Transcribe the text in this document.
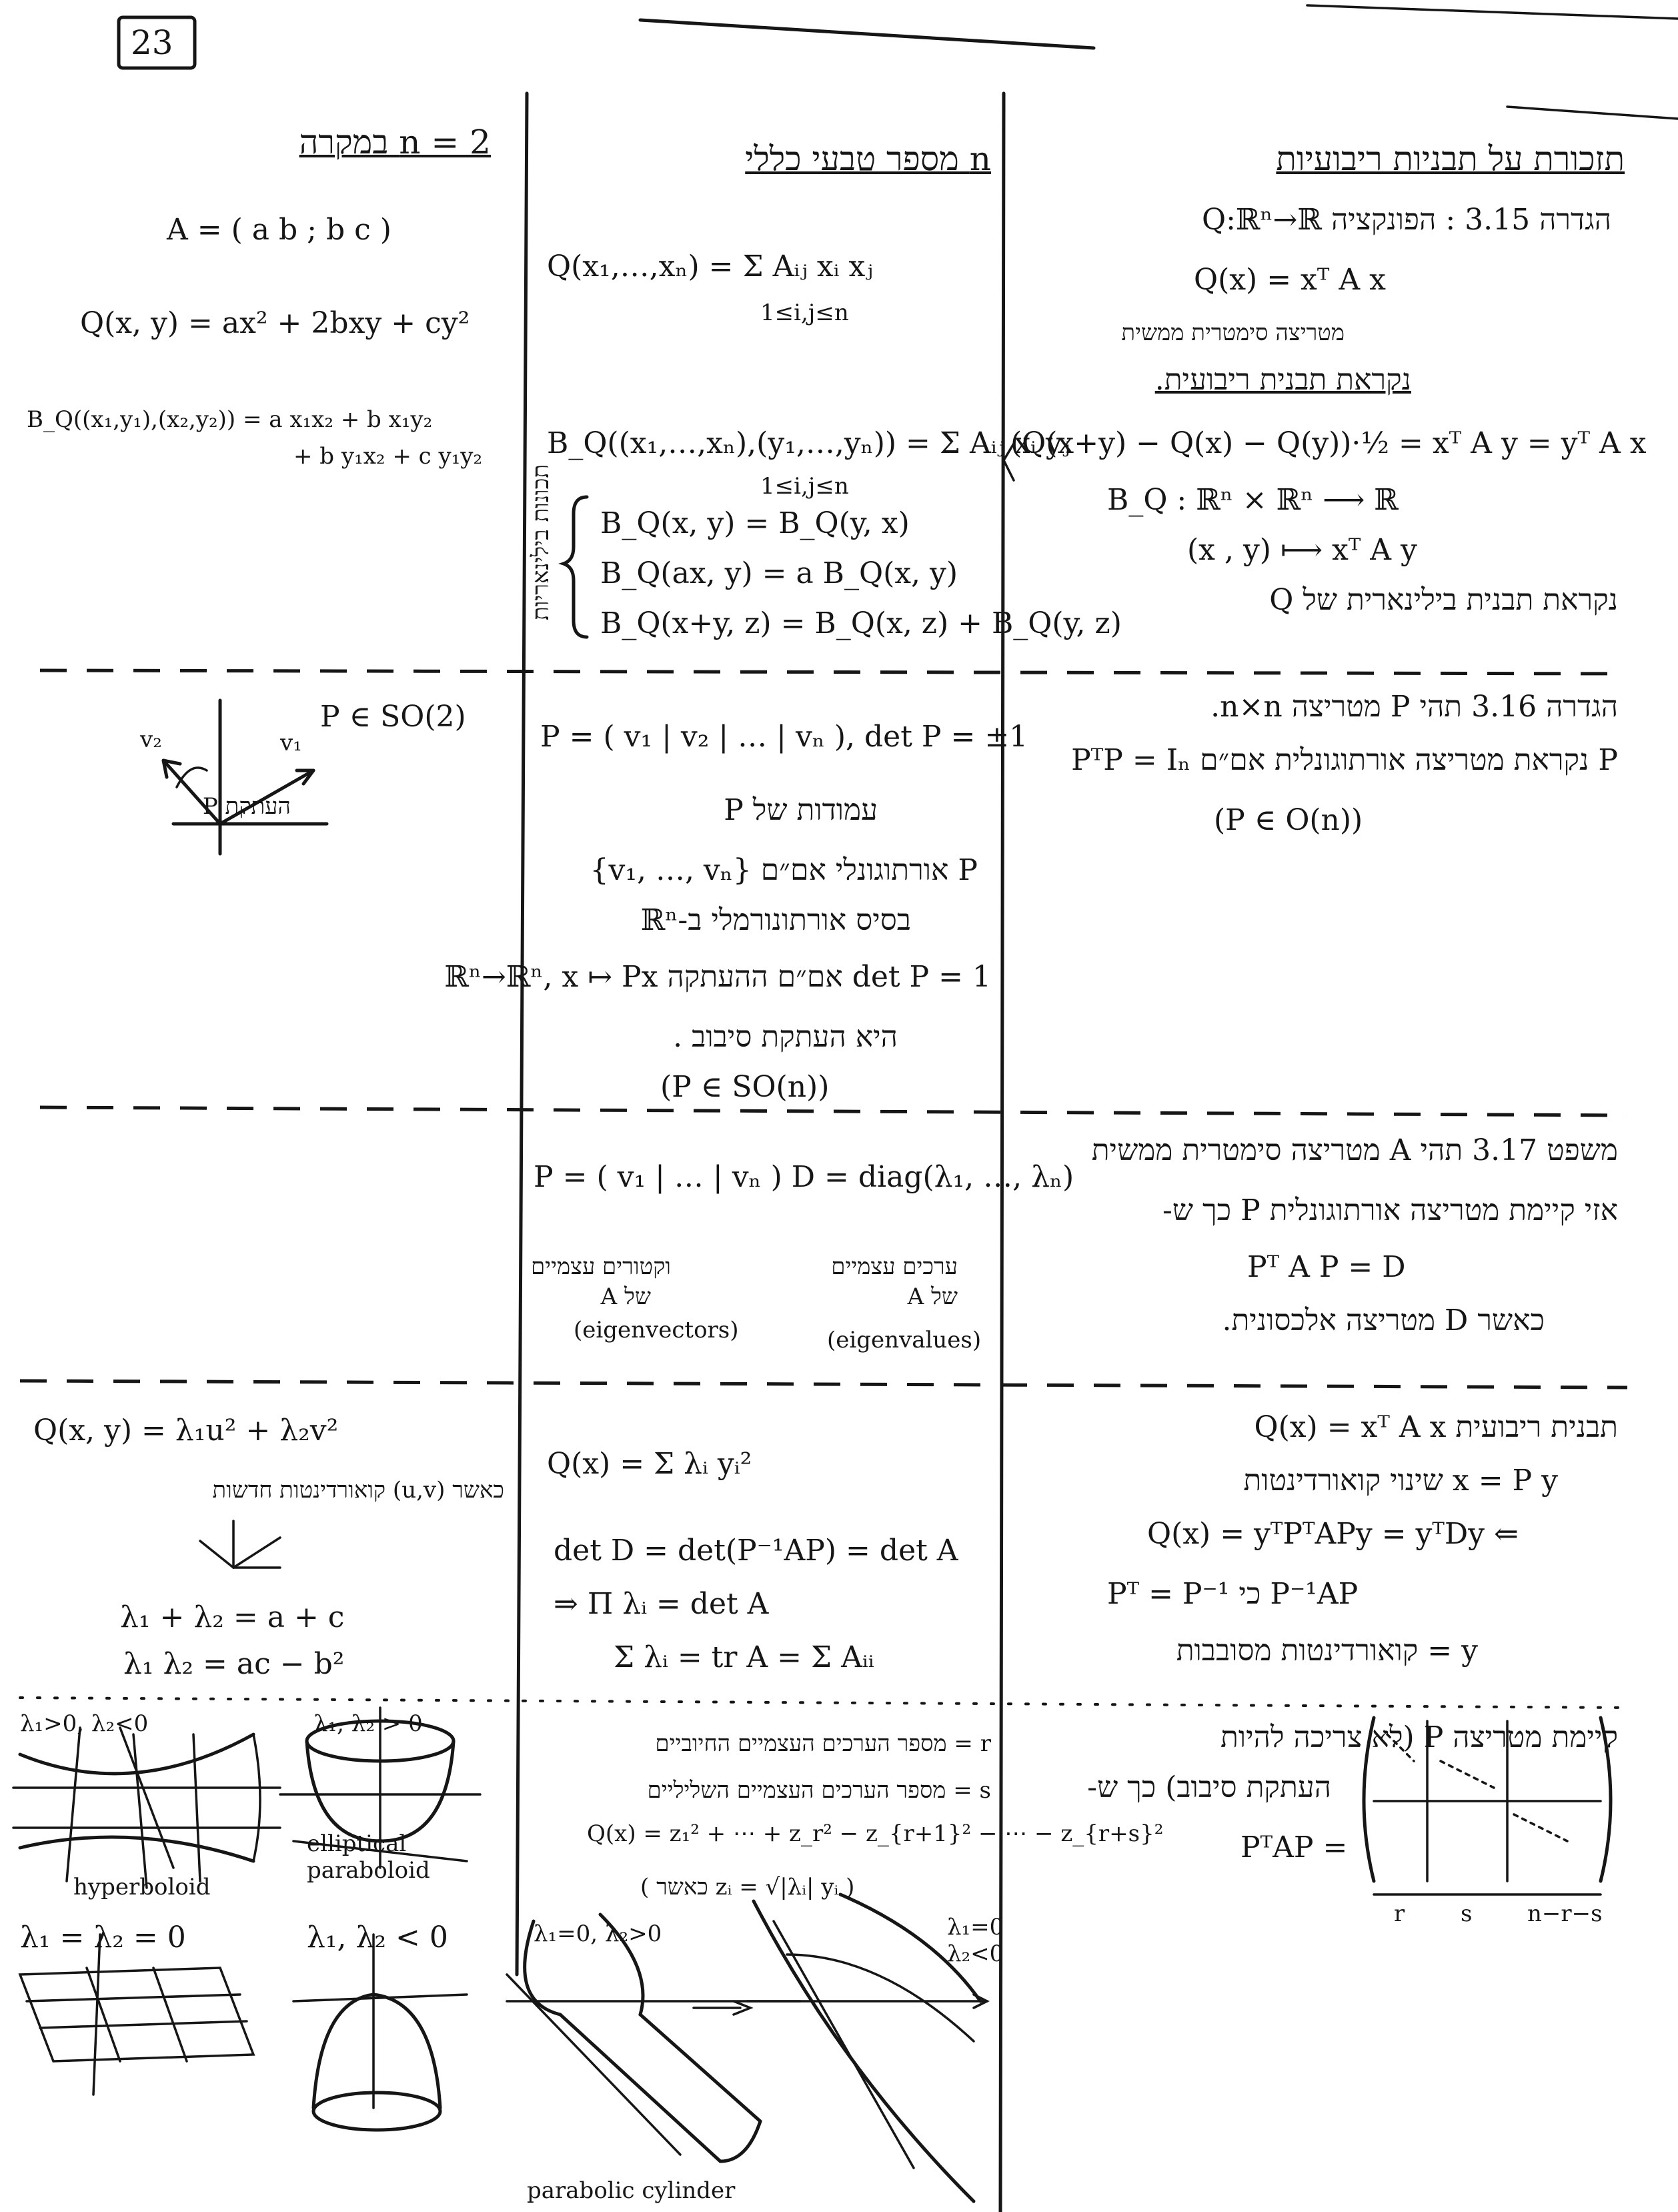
23
תזכורת על תבניות ריבועיות
הגדרה 3.15 : הפונקציה Q:ℝⁿ→ℝ
Q(x) = xᵀ A x
מטריצה סימטרית ממשית
נקראת תבנית ריבועית.
(Q(x+y) − Q(x) − Q(y))·½ = xᵀ A y = yᵀ A x
B_Q : ℝⁿ × ℝⁿ ⟶ ℝ
(x , y) ⟼ xᵀ A y
נקראת תבנית בילינארית של Q
הגדרה 3.16 תהי P מטריצה n×n.
P נקראת מטריצה אורתוגונלית אם״ם PᵀP = Iₙ
(P ∈ O(n))
משפט 3.17 תהי A מטריצה סימטרית ממשית
אזי קיימת מטריצה אורתוגונלית P כך ש-
Pᵀ A P = D
כאשר D מטריצה אלכסונית.
תבנית ריבועית Q(x) = xᵀ A x
x = P y שינוי קואורדינטות
Q(x) = yᵀPᵀAPy = yᵀDy ⇐
Pᵀ = P⁻¹ כי P⁻¹AP
y = קואורדינטות מסובבות
קיימת מטריצה P (לא צריכה להיות
העתקת סיבוב) כך ש-
PᵀAP =
r s n−r−s
n מספר טבעי כללי
Q(x₁,…,xₙ) = Σ Aᵢⱼ xᵢ xⱼ
1≤i,j≤n
B_Q((x₁,…,xₙ),(y₁,…,yₙ)) = Σ Aᵢⱼ xᵢ yⱼ
1≤i,j≤n
תכונות בילינאריות B_Q(x, y) = B_Q(y, x)
B_Q(ax, y) = a B_Q(x, y)
B_Q(x+y, z) = B_Q(x, z) + B_Q(y, z)
P = ( v₁ | v₂ | … | vₙ ), det P = ±1
עמודות של P
P אורתוגונלי אם״ם {v₁, …, vₙ}
בסיס אורתונורמלי ב-ℝⁿ
det P = 1 אם״ם ההעתקה ℝⁿ→ℝⁿ, x ↦ Px
היא העתקת סיבוב .
(P ∈ SO(n))
P = ( v₁ | … | vₙ ) D = diag(λ₁, …, λₙ)
וקטורים עצמיים
של A
(eigenvectors)
ערכים עצמיים
של A
(eigenvalues)
Q(x) = Σ λᵢ yᵢ²
det D = det(P⁻¹AP) = det A
⇒ Π λᵢ = det A
Σ λᵢ = tr A = Σ Aᵢᵢ
r = מספר הערכים העצמיים החיוביים
s = מספר הערכים העצמיים השליליים
Q(x) = z₁² + ⋯ + z_r² − z_{r+1}² − ⋯ − z_{r+s}²
( כאשר zᵢ = √|λᵢ| yᵢ )
n = 2 במקרה
A = ( a b ; b c )
Q(x, y) = ax² + 2bxy + cy²
B_Q((x₁,y₁),(x₂,y₂)) = a x₁x₂ + b x₁y₂
+ b y₁x₂ + c y₁y₂
P ∈ SO(2)
v₁
v₂
העתקת P
Q(x, y) = λ₁u² + λ₂v²
כאשר (u,v) קואורדינטות חדשות
λ₁ + λ₂ = a + c
λ₁ λ₂ = ac − b²
λ₁>0, λ₂<0	λ₁, λ₂ > 0
hyperboloid
elliptical
paraboloid
λ₁ = λ₂ = 0	λ₁, λ₂ < 0	λ₁=0, λ₂>0	λ₁=0
λ₂<0
parabolic cylinder
